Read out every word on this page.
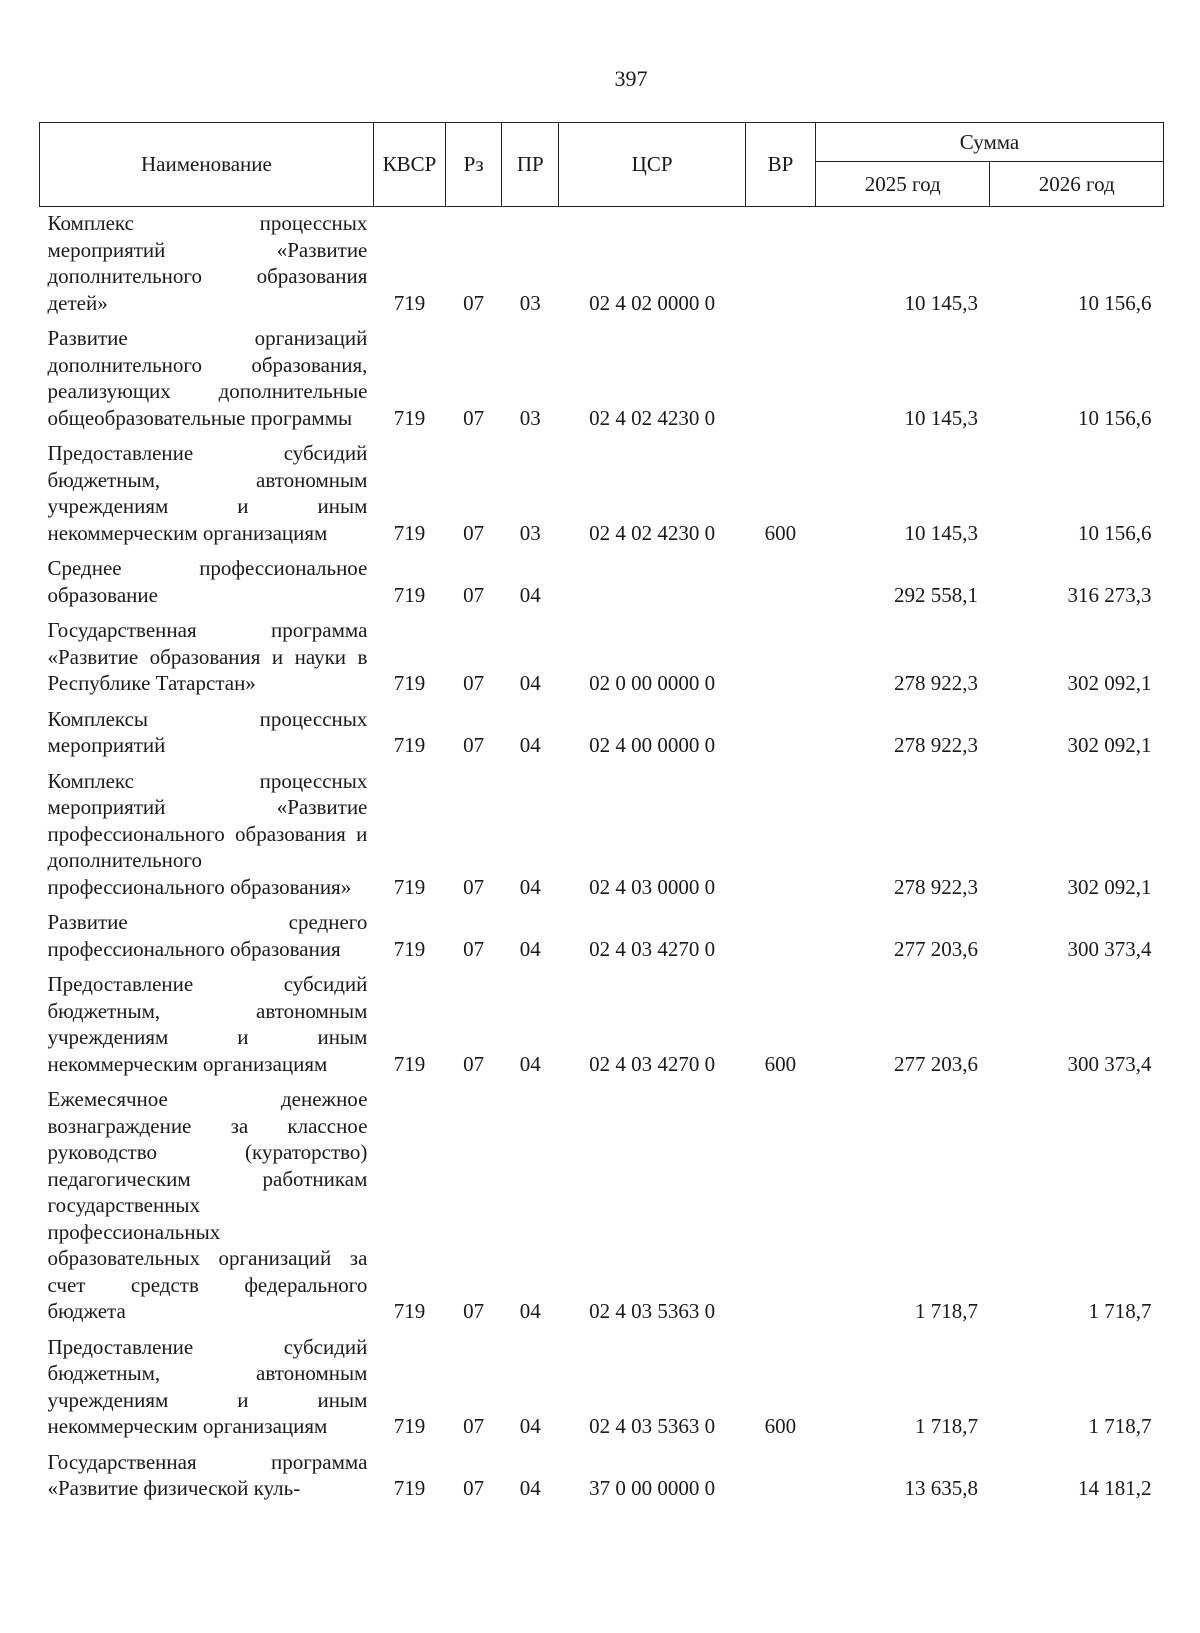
397
Наименование	КВСР	Рз	ПР	ЦСР	ВР	Сумма	
						2025 год	2026 год
Комплекс процессных мероприятий «Развитие дополнительного образования детей»	719	07	03	02 4 02 0000 0		10 145,3	10 156,6
Развитие организаций дополнительного образования, реализующих дополнительные общеобразовательные программы	719	07	03	02 4 02 4230 0		10 145,3	10 156,6
Предоставление субсидий бюджетным, автономным учреждениям и иным некоммерческим организациям	719	07	03	02 4 02 4230 0	600	10 145,3	10 156,6
Среднее профессиональное образование	719	07	04			292 558,1	316 273,3
Государственная программа «Развитие образования и науки в Республике Татарстан»	719	07	04	02 0 00 0000 0		278 922,3	302 092,1
Комплексы процессных мероприятий	719	07	04	02 4 00 0000 0		278 922,3	302 092,1
Комплекс процессных мероприятий «Развитие профессионального образования и дополнительного профессионального образования»	719	07	04	02 4 03 0000 0		278 922,3	302 092,1
Развитие среднего профессионального образования	719	07	04	02 4 03 4270 0		277 203,6	300 373,4
Предоставление субсидий бюджетным, автономным учреждениям и иным некоммерческим организациям	719	07	04	02 4 03 4270 0	600	277 203,6	300 373,4
Ежемесячное денежное вознаграждение за классное руководство (кураторство) педагогическим работникам государственных профессиональных образовательных организаций за счет средств федерального бюджета	719	07	04	02 4 03 5363 0		1 718,7	1 718,7
Предоставление субсидий бюджетным, автономным учреждениям и иным некоммерческим организациям	719	07	04	02 4 03 5363 0	600	1 718,7	1 718,7
Государственная программа «Развитие физической куль-	719	07	04	37 0 00 0000 0		13 635,8	14 181,2
